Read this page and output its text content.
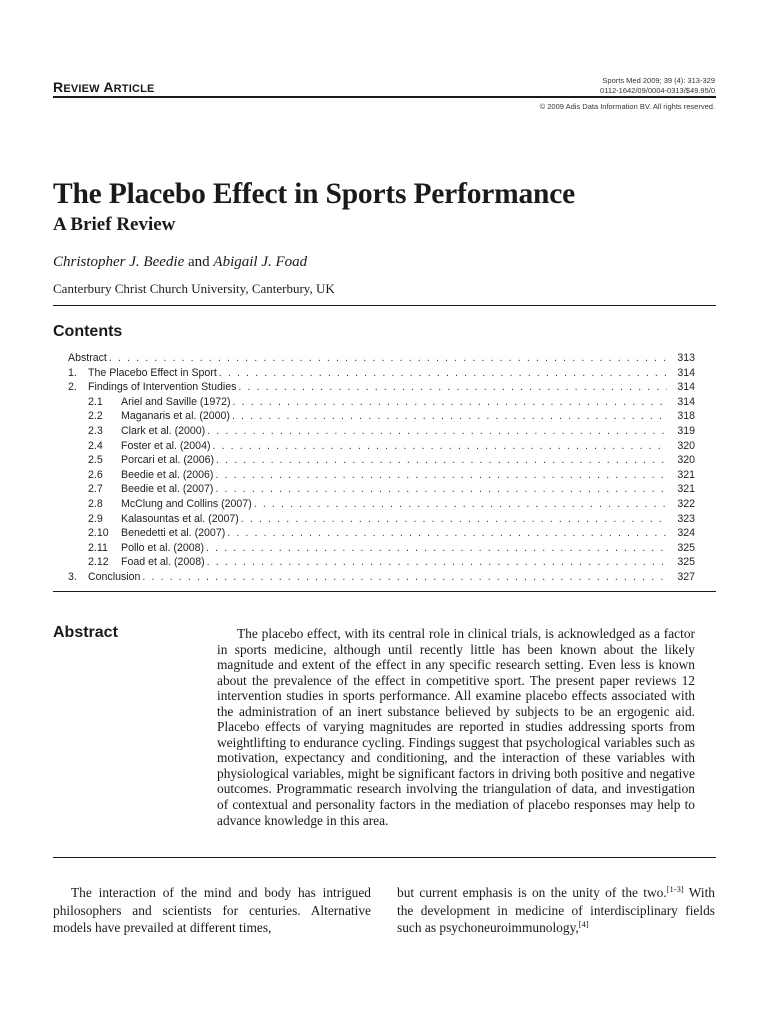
REVIEW ARTICLE
Sports Med 2009; 39 (4): 313-329
0112-1642/09/0004-0313/$49.95/0
© 2009 Adis Data Information BV. All rights reserved.
The Placebo Effect in Sports Performance
A Brief Review
Christopher J. Beedie and Abigail J. Foad
Canterbury Christ Church University, Canterbury, UK
Contents
Abstract . . .	313
1.	The Placebo Effect in Sport . . .	314
2.	Findings of Intervention Studies . . .	314
2.1	Ariel and Saville (1972) . . .	314
2.2	Maganaris et al. (2000) . . .	318
2.3	Clark et al. (2000) . . .	319
2.4	Foster et al. (2004) . . .	320
2.5	Porcari et al. (2006) . . .	320
2.6	Beedie et al. (2006) . . .	321
2.7	Beedie et al. (2007) . . .	321
2.8	McClung and Collins (2007) . . .	322
2.9	Kalasountas et al. (2007) . . .	323
2.10	Benedetti et al. (2007) . . .	324
2.11	Pollo et al. (2008) . . .	325
2.12	Foad et al. (2008) . . .	325
3.	Conclusion . . .	327
Abstract	The placebo effect, with its central role in clinical trials, is acknowledged as a factor in sports medicine, although until recently little has been known about the likely magnitude and extent of the effect in any specific research setting. Even less is known about the prevalence of the effect in competitive sport. The present paper reviews 12 intervention studies in sports performance. All examine placebo effects associated with the administration of an inert substance believed by subjects to be an ergogenic aid. Placebo effects of varying magnitudes are reported in studies addressing sports from weightlifting to endurance cycling. Findings suggest that psychological variables such as motivation, expectancy and conditioning, and the interaction of these variables with physiological variables, might be significant factors in driving both positive and negative outcomes. Programmatic research involving the triangulation of data, and investigation of contextual and personality factors in the mediation of placebo responses may help to advance knowledge in this area.

The interaction of the mind and body has intrigued philosophers and scientists for centuries. Alternative models have prevailed at different times,

but current emphasis is on the unity of the two.[1-3] With the development in medicine of interdisciplinary fields such as psychoneuroimmunology,[4]
